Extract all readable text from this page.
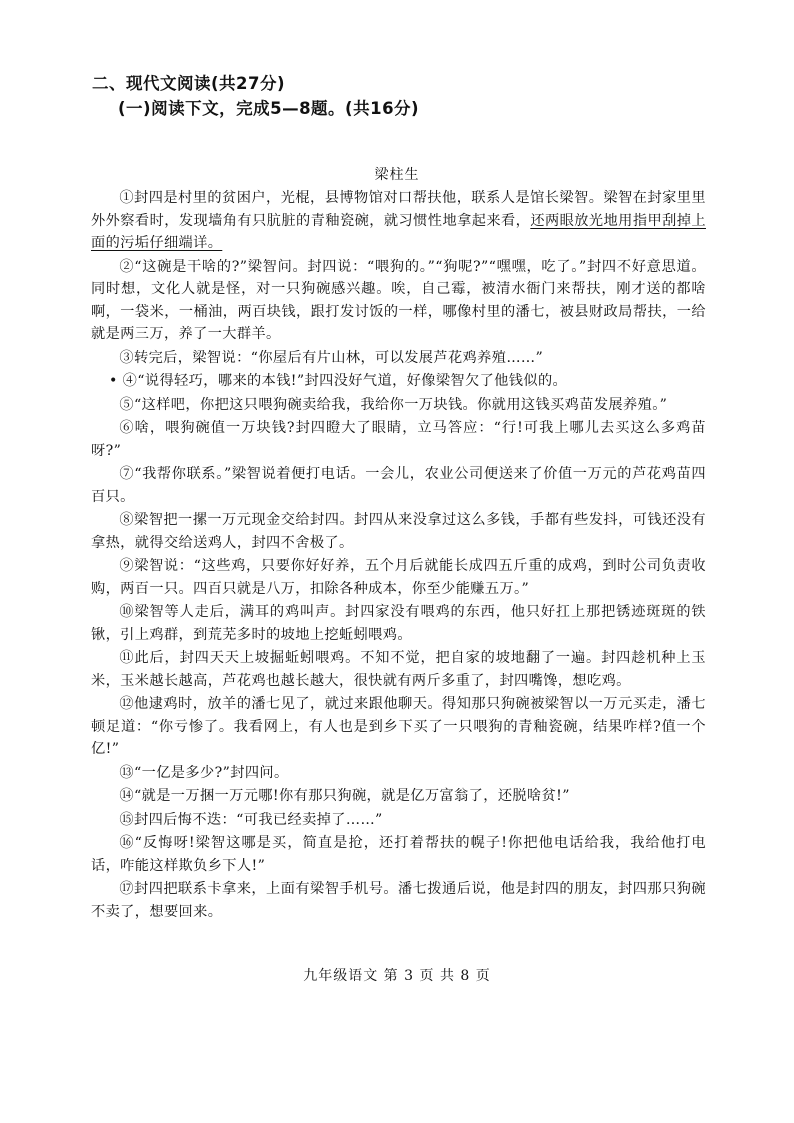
二、现代文阅读(共27分)
(一)阅读下文，完成5—8题。(共16分)
梁柱生

①封四是村里的贫困户，光棍，县博物馆对口帮扶他，联系人是馆长梁智。梁智在封家里里外外察看时，发现墙角有只肮脏的青釉瓷碗，就习惯性地拿起来看，还两眼放光地用指甲刮掉上面的污垢仔细端详。

②“这碗是干啥的?”梁智问。封四说：“喂狗的。”“狗呢?”“嘿嘿，吃了。”封四不好意思道。同时想，文化人就是怪，对一只狗碗感兴趣。唉，自己霉，被清水衙门来帮扶，刚才送的都啥啊，一袋米，一桶油，两百块钱，跟打发讨饭的一样，哪像村里的潘七，被县财政局帮扶，一给就是两三万，养了一大群羊。

③转完后，梁智说：“你屋后有片山林，可以发展芦花鸡养殖……”

• ④“说得轻巧，哪来的本钱!”封四没好气道，好像梁智欠了他钱似的。

⑤“这样吧，你把这只喂狗碗卖给我，我给你一万块钱。你就用这钱买鸡苗发展养殖。”

⑥啥，喂狗碗值一万块钱?封四瞪大了眼睛，立马答应：“行!可我上哪儿去买这么多鸡苗呀?”

⑦“我帮你联系。”梁智说着便打电话。一会儿，农业公司便送来了价值一万元的芦花鸡苗四百只。

⑧梁智把一摞一万元现金交给封四。封四从来没拿过这么多钱，手都有些发抖，可钱还没有拿热，就得交给送鸡人，封四不舍极了。

⑨梁智说：“这些鸡，只要你好好养，五个月后就能长成四五斤重的成鸡，到时公司负责收购，两百一只。四百只就是八万，扣除各种成本，你至少能赚五万。”

⑩梁智等人走后，满耳的鸡叫声。封四家没有喂鸡的东西，他只好扛上那把锈迹斑斑的铁锹，引上鸡群，到荒芜多时的坡地上挖蚯蚓喂鸡。

⑪此后，封四天天上坡掘蚯蚓喂鸡。不知不觉，把自家的坡地翻了一遍。封四趁机种上玉米，玉米越长越高，芦花鸡也越长越大，很快就有两斤多重了，封四嘴馋，想吃鸡。

⑫他逮鸡时，放羊的潘七见了，就过来跟他聊天。得知那只狗碗被梁智以一万元买走，潘七顿足道：“你亏惨了。我看网上，有人也是到乡下买了一只喂狗的青釉瓷碗，结果咋样?值一个亿!”

⑬“一亿是多少?”封四问。

⑭“就是一万捆一万元哪!你有那只狗碗，就是亿万富翁了，还脱啥贫!”

⑮封四后悔不迭：“可我已经卖掉了……”

⑯“反悔呀!梁智这哪是买，简直是抢，还打着帮扶的幌子!你把他电话给我，我给他打电话，咋能这样欺负乡下人!”

⑰封四把联系卡拿来，上面有梁智手机号。潘七拨通后说，他是封四的朋友，封四那只狗碗不卖了，想要回来。

九年级语文 第 3 页 共 8 页
